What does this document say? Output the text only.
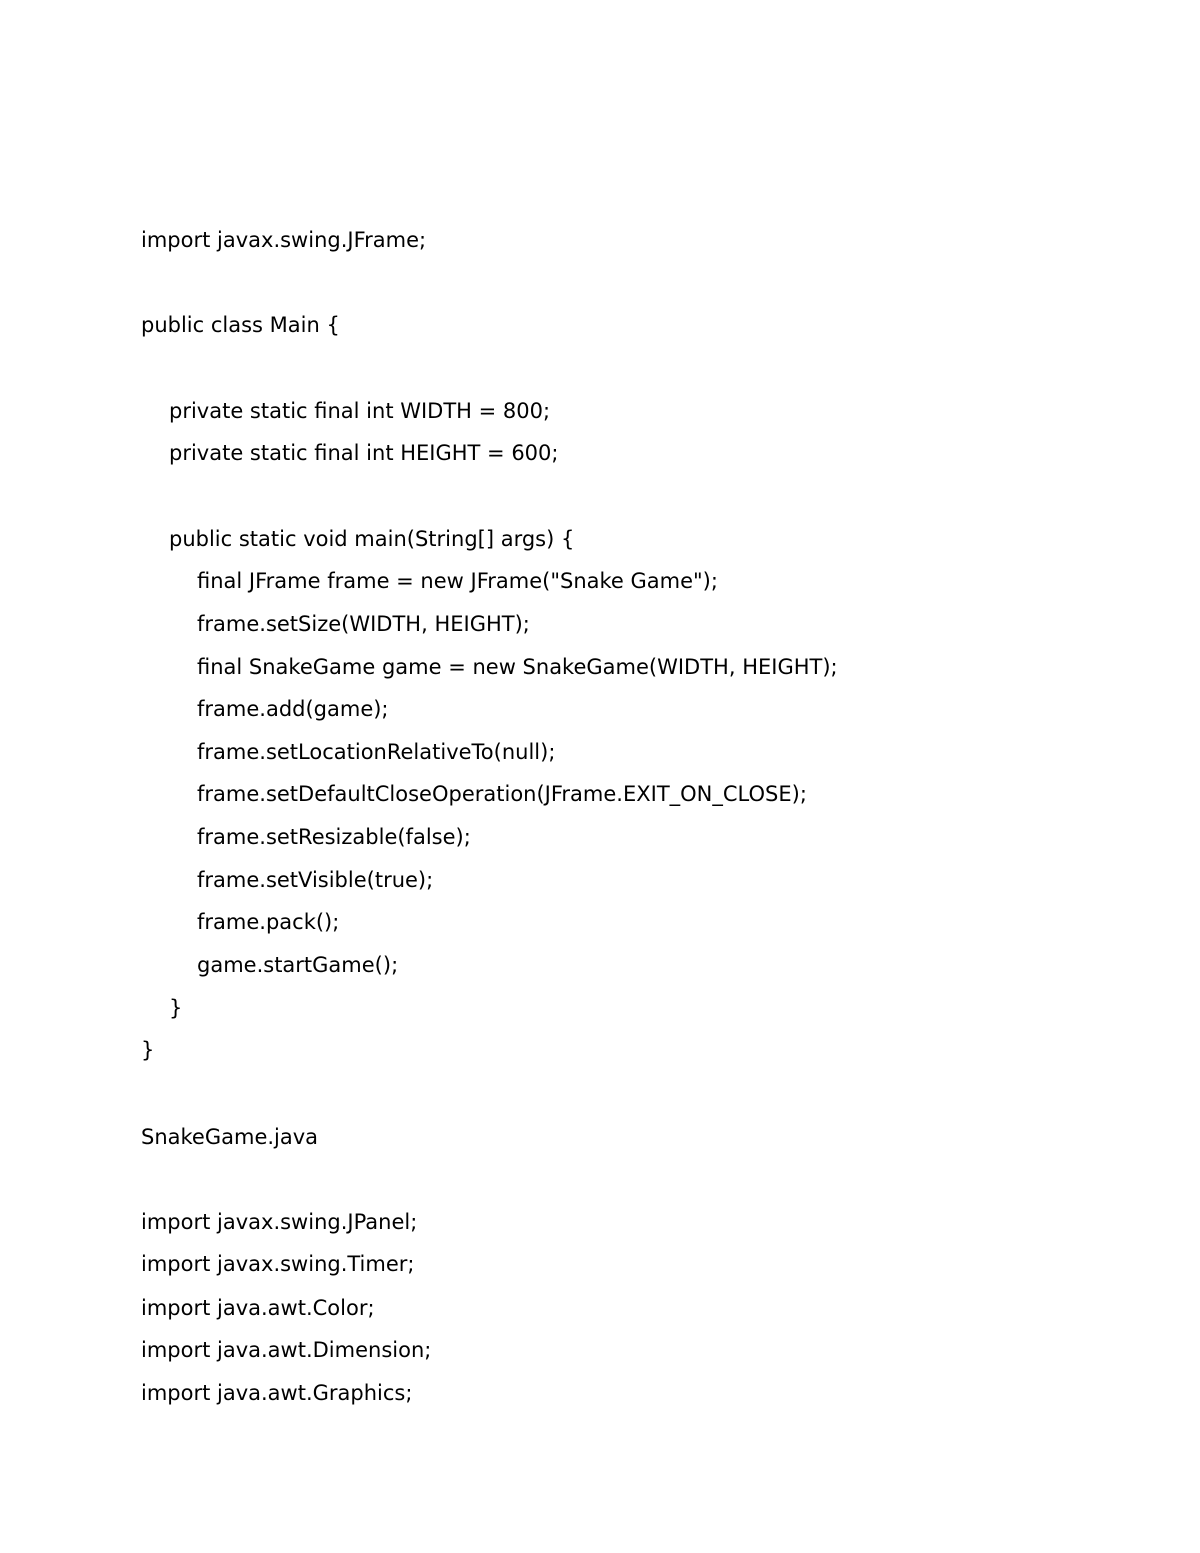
import javax.swing.JFrame;
public class Main {
private static final int WIDTH = 800;
private static final int HEIGHT = 600;
public static void main(String[] args) {
final JFrame frame = new JFrame("Snake Game");
frame.setSize(WIDTH, HEIGHT);
final SnakeGame game = new SnakeGame(WIDTH, HEIGHT);
frame.add(game);
frame.setLocationRelativeTo(null);
frame.setDefaultCloseOperation(JFrame.EXIT_ON_CLOSE);
frame.setResizable(false);
frame.setVisible(true);
frame.pack();
game.startGame();
}
}
SnakeGame.java
import javax.swing.JPanel;
import javax.swing.Timer;
import java.awt.Color;
import java.awt.Dimension;
import java.awt.Graphics;
